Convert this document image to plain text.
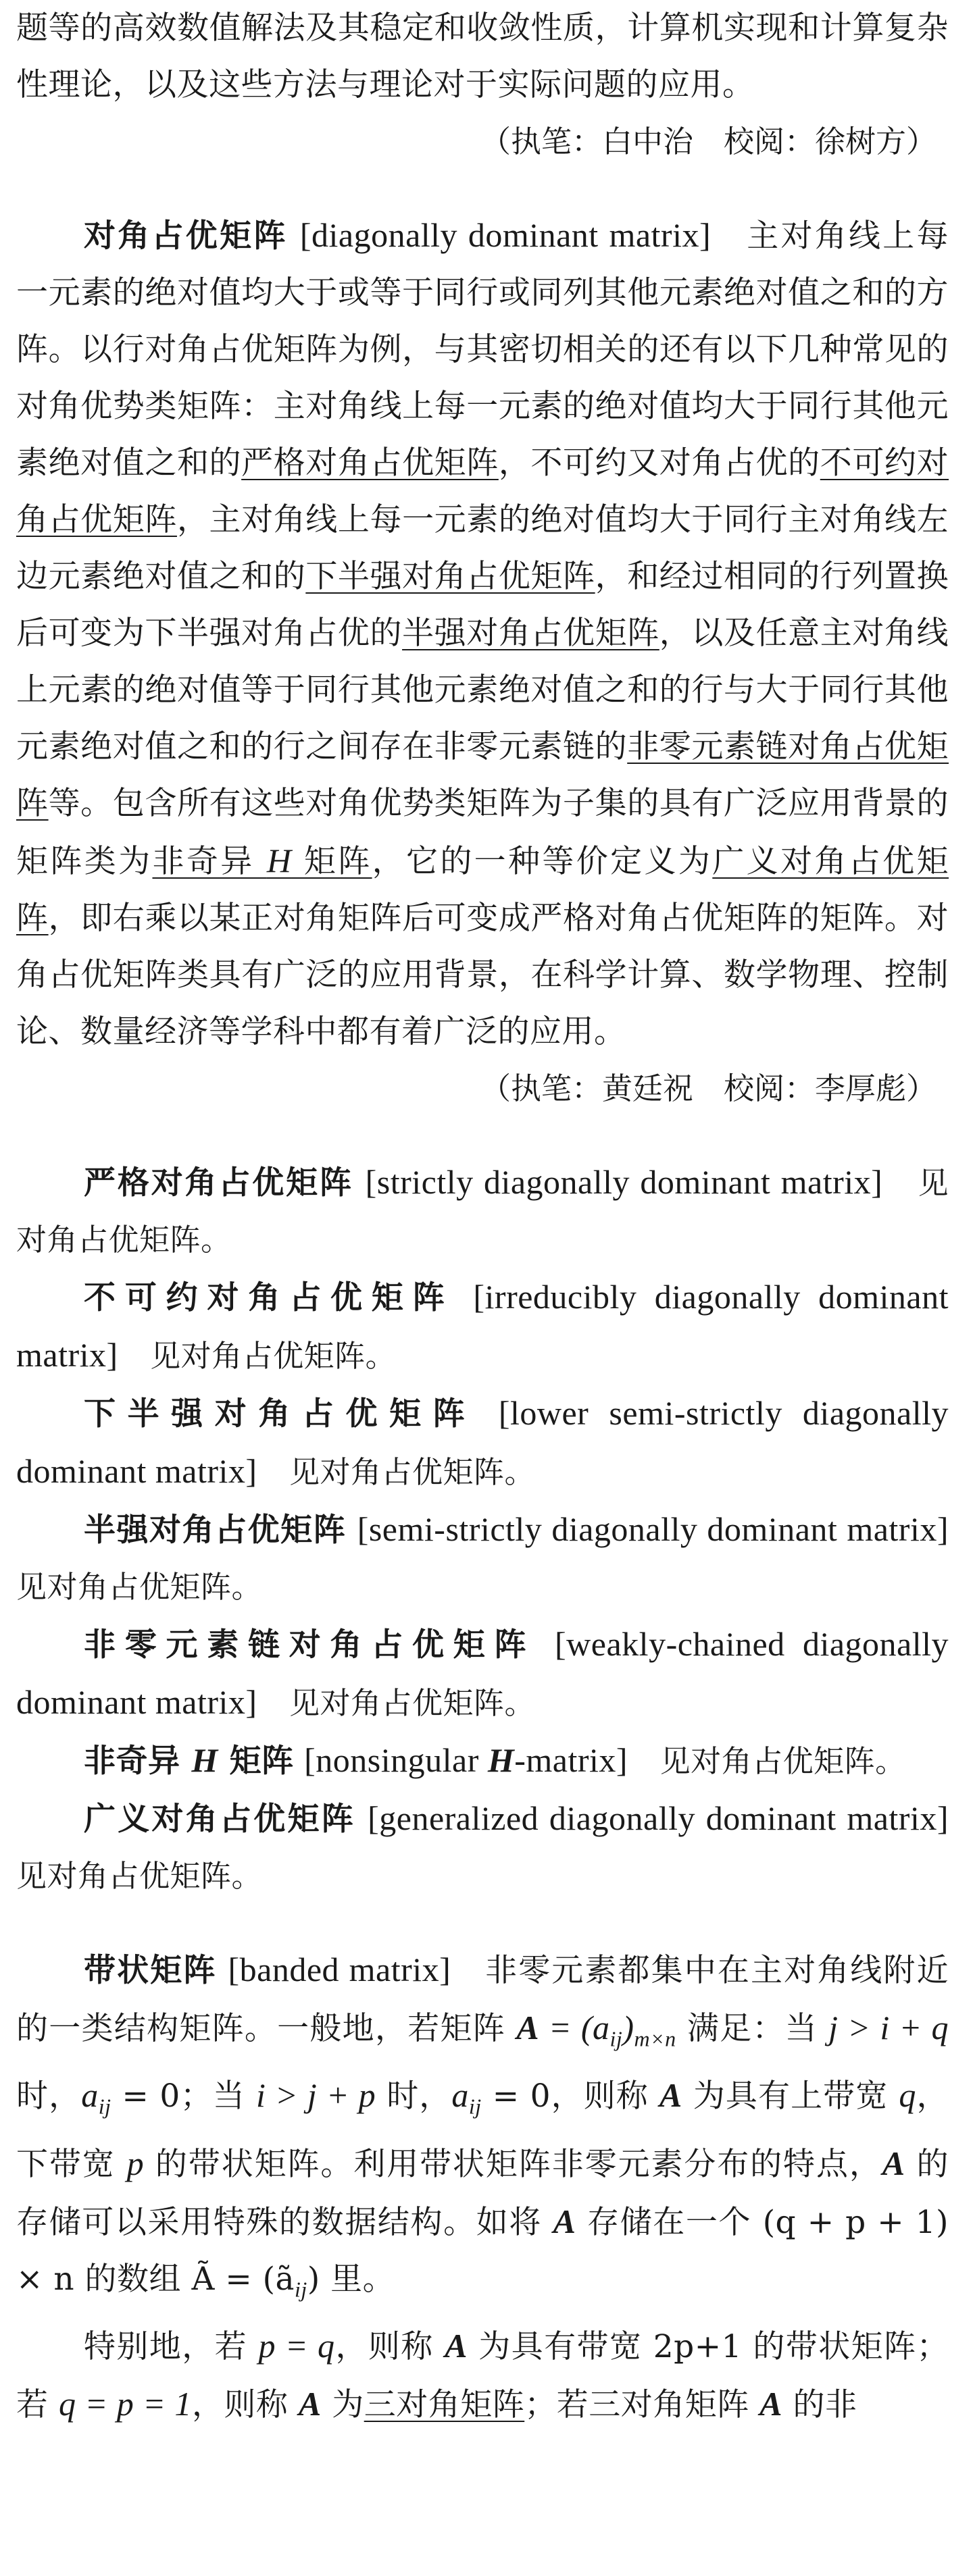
题等的高效数值解法及其稳定和收敛性质，计算机实现和计算复杂性理论，以及这些方法与理论对于实际问题的应用。

（执笔：白中治　校阅：徐树方）

对角占优矩阵 [diagonally dominant matrix]　 主对角线上每一元素的绝对值均大于或等于同行或同列其他元素绝对值之和的方阵。以行对角占优矩阵为例，与其密切相关的还有以下几种常见的对角优势类矩阵：主对角线上每一元素的绝对值均大于同行其他元素绝对值之和的严格对角占优矩阵，不可约又对角占优的不可约对角占优矩阵，主对角线上每一元素的绝对值均大于同行主对角线左边元素绝对值之和的下半强对角占优矩阵，和经过相同的行列置换后可变为下半强对角占优的半强对角占优矩阵，以及任意主对角线上元素的绝对值等于同行其他元素绝对值之和的行与大于同行其他元素绝对值之和的行之间存在非零元素链的非零元素链对角占优矩阵等。包含所有这些对角优势类矩阵为子集的具有广泛应用背景的矩阵类为非奇异 H 矩阵，它的一种等价定义为广义对角占优矩阵，即右乘以某正对角矩阵后可变成严格对角占优矩阵的矩阵。对角占优矩阵类具有广泛的应用背景，在科学计算、数学物理、控制论、数量经济等学科中都有着广泛的应用。

（执笔：黄廷祝　校阅：李厚彪）

严格对角占优矩阵 [strictly diagonally dominant matrix]　 见对角占优矩阵。

不可约对角占优矩阵 [irreducibly diagonally dominant matrix]　 见对角占优矩阵。

下半强对角占优矩阵 [lower semi-strictly diagonally dominant matrix]　 见对角占优矩阵。

半强对角占优矩阵 [semi-strictly diagonally dominant matrix]　见对角占优矩阵。

非零元素链对角占优矩阵 [weakly-chained diagonally dominant matrix]　 见对角占优矩阵。

非奇异 H 矩阵 [nonsingular H-matrix]　 见对角占优矩阵。

广义对角占优矩阵 [generalized diagonally dominant matrix]　见对角占优矩阵。

带状矩阵 [banded matrix]　 非零元素都集中在主对角线附近的一类结构矩阵。一般地，若矩阵 $A = (a_{ij})_{m\times n}$ 满足：当 j > i + q 时，$a_{ij} = 0$；当 i > j + p 时，$a_{ij} = 0$，则称 A 为具有上带宽 q，下带宽 p 的带状矩阵。利用带状矩阵非零元素分布的特点，A 的存储可以采用特殊的数据结构。如将 A 存储在一个 (q + p + 1) × n 的数组 Ã = $(ã_{ij})$ 里。

特别地，若 p = q，则称 A 为具有带宽 2p+1 的带状矩阵；若 q = p = 1，则称 A 为三对角矩阵；若三对角矩阵 A 的非
